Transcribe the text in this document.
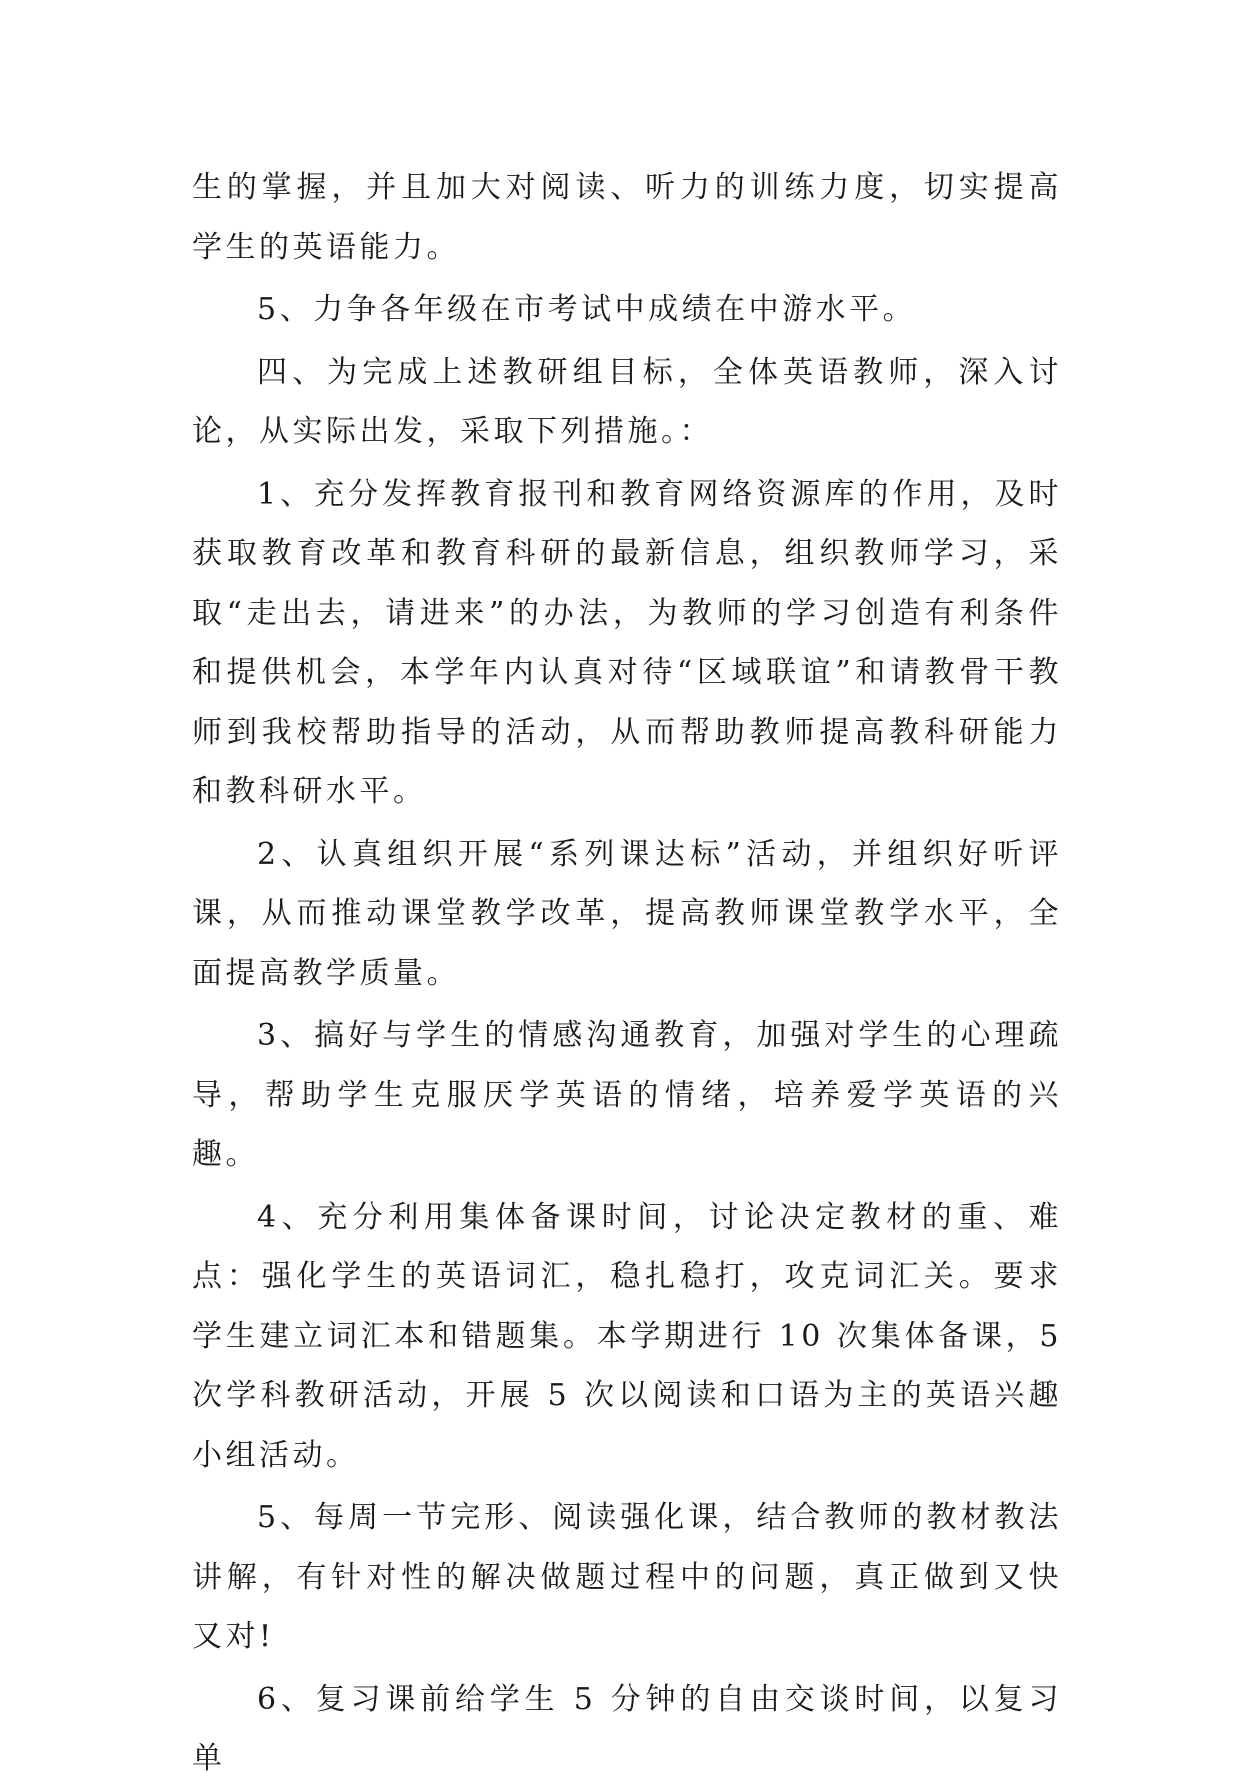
生的掌握，并且加大对阅读、听力的训练力度，切实提高学生的英语能力。

5、力争各年级在市考试中成绩在中游水平。

四、为完成上述教研组目标，全体英语教师，深入讨论，从实际出发，采取下列措施。：

1、充分发挥教育报刊和教育网络资源库的作用，及时获取教育改革和教育科研的最新信息，组织教师学习，采取“走出去，请进来”的办法，为教师的学习创造有利条件和提供机会，本学年内认真对待“区域联谊”和请教骨干教师到我校帮助指导的活动，从而帮助教师提高教科研能力和教科研水平。

2、认真组织开展“系列课达标”活动，并组织好听评课，从而推动课堂教学改革，提高教师课堂教学水平，全面提高教学质量。

3、搞好与学生的情感沟通教育，加强对学生的心理疏导，帮助学生克服厌学英语的情绪，培养爱学英语的兴趣。

4、充分利用集体备课时间，讨论决定教材的重、难点：强化学生的英语词汇，稳扎稳打，攻克词汇关。要求学生建立词汇本和错题集。本学期进行 10 次集体备课，5 次学科教研活动，开展 5 次以阅读和口语为主的英语兴趣小组活动。

5、每周一节完形、阅读强化课，结合教师的教材教法讲解，有针对性的解决做题过程中的问题，真正做到又快又对!

6、复习课前给学生 5 分钟的自由交谈时间，以复习单
